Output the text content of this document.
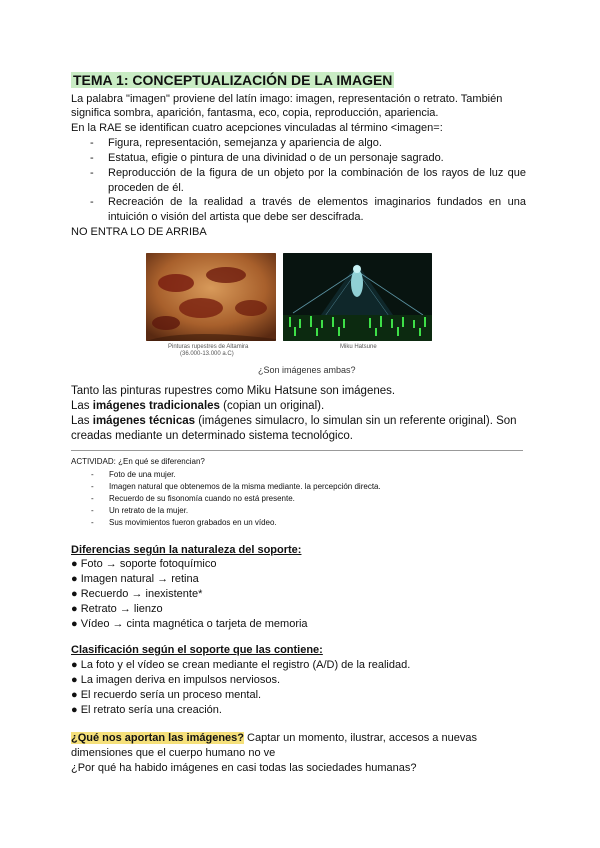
TEMA 1: CONCEPTUALIZACIÓN DE LA IMAGEN
La palabra "imagen" proviene del latín imago: imagen, representación o retrato. También
significa sombra, aparición, fantasma, eco, copia, reproducción, apariencia.
En la RAE se identifican cuatro acepciones vinculadas al término <imagen=:
- Figura, representación, semejanza y apariencia de algo.
- Estatua, efigie o pintura de una divinidad o de un personaje sagrado.
- Reproducción de la figura de un objeto por la combinación de los rayos de luz que proceden de él.
- Recreación de la realidad a través de elementos imaginarios fundados en una intuición o visión del artista que debe ser descifrada.
NO ENTRA LO DE ARRIBA
Pinturas rupestres de Altamira
(36.000-13.000 a.C)
Miku Hatsune
¿Son imágenes ambas?
Tanto las pinturas rupestres como Miku Hatsune son imágenes.
Las imágenes tradicionales (copian un original).
Las imágenes técnicas (imágenes simulacro, lo simulan sin un referente original). Son
creadas mediante un determinado sistema tecnológico.
ACTIVIDAD: ¿En qué se diferencian?
- Foto de una mujer.
- Imagen natural que obtenemos de la misma mediante. la percepción directa.
- Recuerdo de su fisonomía cuando no está presente.
- Un retrato de la mujer.
- Sus movimientos fueron grabados en un vídeo.
Diferencias según la naturaleza del soporte:
● Foto → soporte fotoquímico
● Imagen natural → retina
● Recuerdo → inexistente*
● Retrato → lienzo
● Vídeo → cinta magnética o tarjeta de memoria
Clasificación según el soporte que las contiene:
● La foto y el vídeo se crean mediante el registro (A/D) de la realidad.
● La imagen deriva en impulsos nerviosos.
● El recuerdo sería un proceso mental.
● El retrato sería una creación.
¿Qué nos aportan las imágenes? Captar un momento, ilustrar, accesos a nuevas
dimensiones que el cuerpo humano no ve
¿Por qué ha habido imágenes en casi todas las sociedades humanas?
